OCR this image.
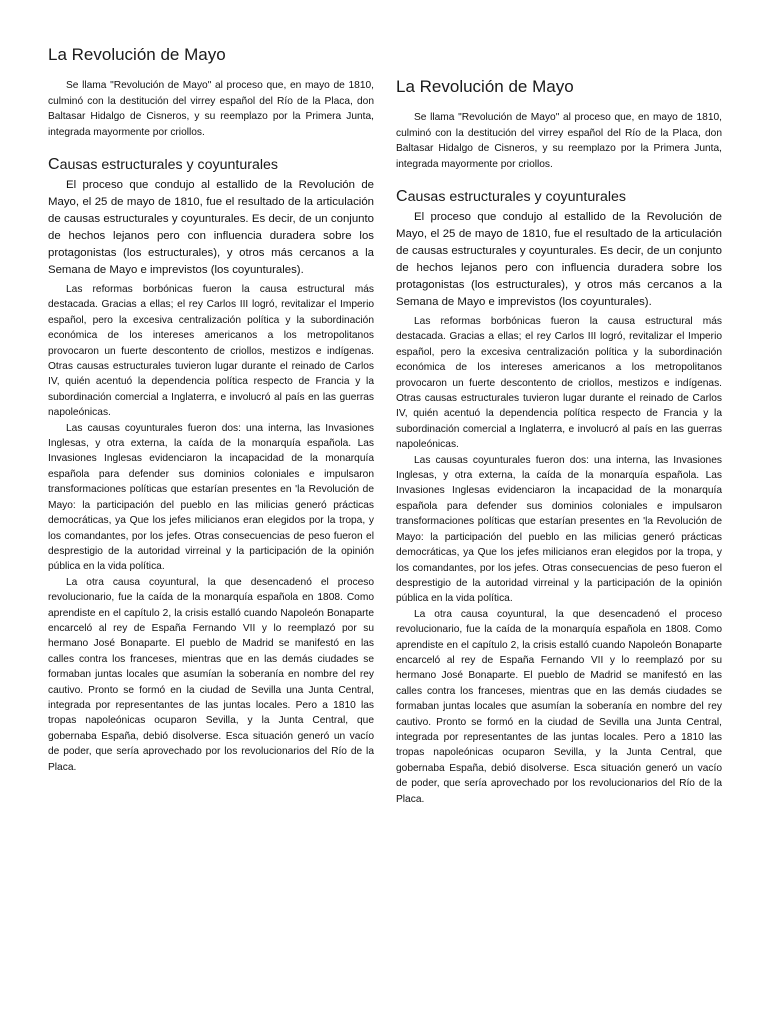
La Revolución de Mayo

Se llama "Revolución de Mayo" al proceso que, en mayo de 1810, culminó con la destitución del virrey español del Río de la Placa, don Baltasar Hidalgo de Cisneros, y su reemplazo por la Primera Junta, integrada mayormente por criollos.

Causas estructurales y coyunturales

El proceso que condujo al estallido de la Revolución de Mayo, el 25 de mayo de 1810, fue el resultado de la articulación de causas estructurales y coyunturales. Es decir, de un conjunto de hechos lejanos pero con influencia duradera sobre los protagonistas (los estructurales), y otros más cercanos a la Semana de Mayo e imprevistos (los coyunturales).

Las reformas borbónicas fueron la causa estructural más destacada. Gracias a ellas; el rey Carlos III logró, revitalizar el Imperio español, pero la excesiva centralización política y la subordinación económica de los intereses americanos a los metropolitanos provocaron un fuerte descontento de criollos, mestizos e indígenas. Otras causas estructurales tuvieron lugar durante el reinado de Carlos IV, quién acentuó la dependencia política respecto de Francia y la subordinación comercial a Inglaterra, e involucró al país en las guerras napoleónicas.

Las causas coyunturales fueron dos: una interna, las Invasiones Inglesas, y otra externa, la caída de la monarquía española. Las Invasiones Inglesas evidenciaron la incapacidad de la monarquía española para defender sus dominios coloniales e impulsaron transformaciones políticas que estarían presentes en 'la Revolución de Mayo: la participación del pueblo en las milicias generó prácticas democráticas, ya Que los jefes milicianos eran elegidos por la tropa, y los comandantes, por los jefes. Otras consecuencias de peso fueron el desprestigio de la autoridad virreinal y la participación de la opinión pública en la vida política.

La otra causa coyuntural, la que desencadenó el proceso revolucionario, fue la caída de la monarquía española en 1808. Como aprendiste en el capítulo 2, la crisis estalló cuando Napoleón Bonaparte encarceló al rey de España Fernando VII y lo reemplazó por su hermano José Bonaparte. El pueblo de Madrid se manifestó en las calles contra los franceses, mientras que en las demás ciudades se formaban juntas locales que asumían la soberanía en nombre del rey cautivo. Pronto se formó en la ciudad de Sevilla una Junta Central, integrada por representantes de las juntas locales. Pero a 1810 las tropas napoleónicas ocuparon Sevilla, y la Junta Central, que gobernaba España, debió disolverse. Esca situación generó un vacío de poder, que sería aprovechado por los revolucionarios del Río de la Placa.

La Revolución de Mayo

Se llama "Revolución de Mayo" al proceso que, en mayo de 1810, culminó con la destitución del virrey español del Río de la Placa, don Baltasar Hidalgo de Cisneros, y su reemplazo por la Primera Junta, integrada mayormente por criollos.

Causas estructurales y coyunturales

El proceso que condujo al estallido de la Revolución de Mayo, el 25 de mayo de 1810, fue el resultado de la articulación de causas estructurales y coyunturales. Es decir, de un conjunto de hechos lejanos pero con influencia duradera sobre los protagonistas (los estructurales), y otros más cercanos a la Semana de Mayo e imprevistos (los coyunturales).

Las reformas borbónicas fueron la causa estructural más destacada. Gracias a ellas; el rey Carlos III logró, revitalizar el Imperio español, pero la excesiva centralización política y la subordinación económica de los intereses americanos a los metropolitanos provocaron un fuerte descontento de criollos, mestizos e indígenas. Otras causas estructurales tuvieron lugar durante el reinado de Carlos IV, quién acentuó la dependencia política respecto de Francia y la subordinación comercial a Inglaterra, e involucró al país en las guerras napoleónicas.

Las causas coyunturales fueron dos: una interna, las Invasiones Inglesas, y otra externa, la caída de la monarquía española. Las Invasiones Inglesas evidenciaron la incapacidad de la monarquía española para defender sus dominios coloniales e impulsaron transformaciones políticas que estarían presentes en 'la Revolución de Mayo: la participación del pueblo en las milicias generó prácticas democráticas, ya Que los jefes milicianos eran elegidos por la tropa, y los comandantes, por los jefes. Otras consecuencias de peso fueron el desprestigio de la autoridad virreinal y la participación de la opinión pública en la vida política.

La otra causa coyuntural, la que desencadenó el proceso revolucionario, fue la caída de la monarquía española en 1808. Como aprendiste en el capítulo 2, la crisis estalló cuando Napoleón Bonaparte encarceló al rey de España Fernando VII y lo reemplazó por su hermano José Bonaparte. El pueblo de Madrid se manifestó en las calles contra los franceses, mientras que en las demás ciudades se formaban juntas locales que asumían la soberanía en nombre del rey cautivo. Pronto se formó en la ciudad de Sevilla una Junta Central, integrada por representantes de las juntas locales. Pero a 1810 las tropas napoleónicas ocuparon Sevilla, y la Junta Central, que gobernaba España, debió disolverse. Esca situación generó un vacío de poder, que sería aprovechado por los revolucionarios del Río de la Placa.
